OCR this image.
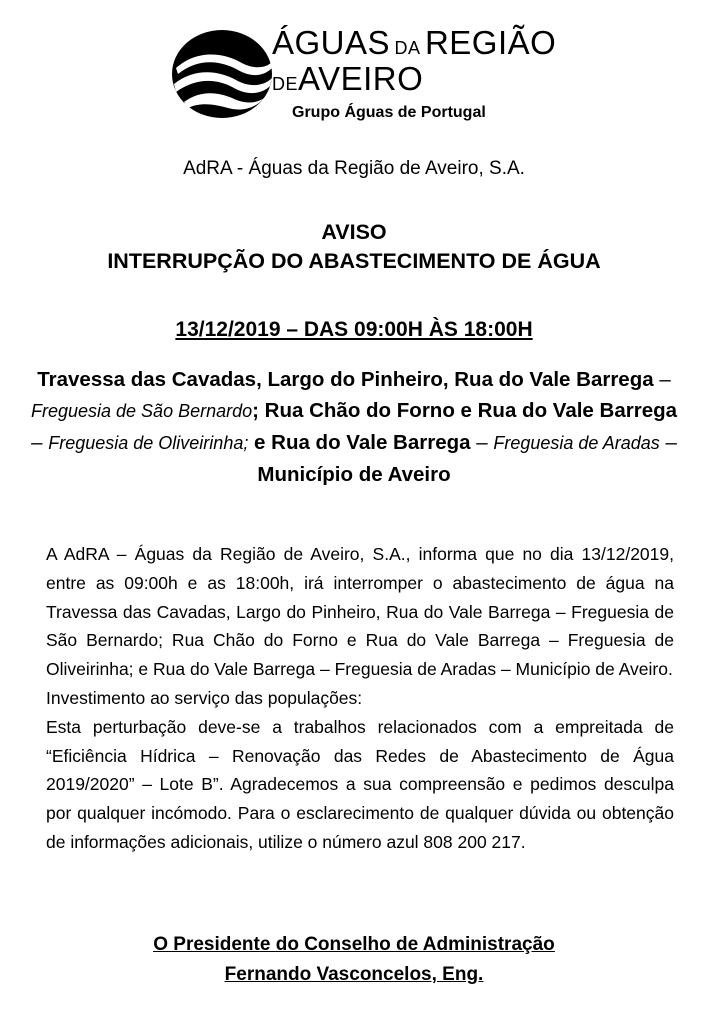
ÁGUAS DA REGIÃO
DEAVEIRO
Grupo Águas de Portugal
AdRA - Águas da Região de Aveiro, S.A.
AVISO
INTERRUPÇÃO DO ABASTECIMENTO DE ÁGUA
13/12/2019 – DAS 09:00H ÀS 18:00H
Travessa das Cavadas, Largo do Pinheiro, Rua do Vale Barrega – Freguesia de São Bernardo; Rua Chão do Forno e Rua do Vale Barrega – Freguesia de Oliveirinha; e Rua do Vale Barrega – Freguesia de Aradas –
Município de Aveiro

A AdRA – Águas da Região de Aveiro, S.A., informa que no dia 13/12/2019, entre as 09:00h e as 18:00h, irá interromper o abastecimento de água na Travessa das Cavadas, Largo do Pinheiro, Rua do Vale Barrega – Freguesia de São Bernardo; Rua Chão do Forno e Rua do Vale Barrega – Freguesia de Oliveirinha; e Rua do Vale Barrega – Freguesia de Aradas – Município de Aveiro.

Investimento ao serviço das populações:

Esta perturbação deve-se a trabalhos relacionados com a empreitada de “Eficiência Hídrica – Renovação das Redes de Abastecimento de Água 2019/2020” – Lote B”. Agradecemos a sua compreensão e pedimos desculpa por qualquer incómodo. Para o esclarecimento de qualquer dúvida ou obtenção de informações adicionais, utilize o número azul 808 200 217.

O Presidente do Conselho de Administração
Fernando Vasconcelos, Eng.
